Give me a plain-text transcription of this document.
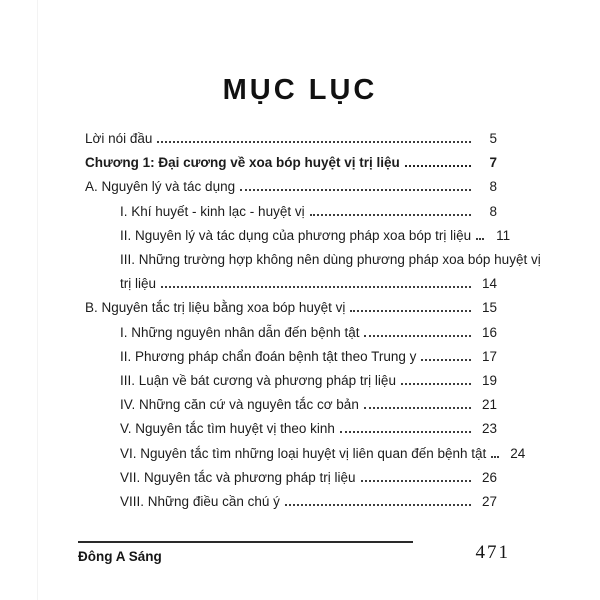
MỤC LỤC
Lời nói đầu	5
Chương 1: Đại cương về xoa bóp huyệt vị trị liệu	7
A. Nguyên lý và tác dụng	8
I. Khí huyết - kinh lạc - huyệt vị	8
II. Nguyên lý và tác dụng của phương pháp xoa bóp trị liệu	11
III. Những trường hợp không nên dùng phương pháp xoa bóp huyệt vị
trị liệu	14
B. Nguyên tắc trị liệu bằng xoa bóp huyệt vị	15
I. Những nguyên nhân dẫn đến bệnh tật	16
II. Phương pháp chẩn đoán bệnh tật theo Trung y	17
III. Luận về bát cương và phương pháp trị liệu	19
IV. Những căn cứ và nguyên tắc cơ bản	21
V. Nguyên tắc tìm huyệt vị theo kinh	23
VI. Nguyên tắc tìm những loại huyệt vị liên quan đến bệnh tật	24
VII. Nguyên tắc và phương pháp trị liệu	26
VIII. Những điều cần chú ý	27
Đông A Sáng	471
